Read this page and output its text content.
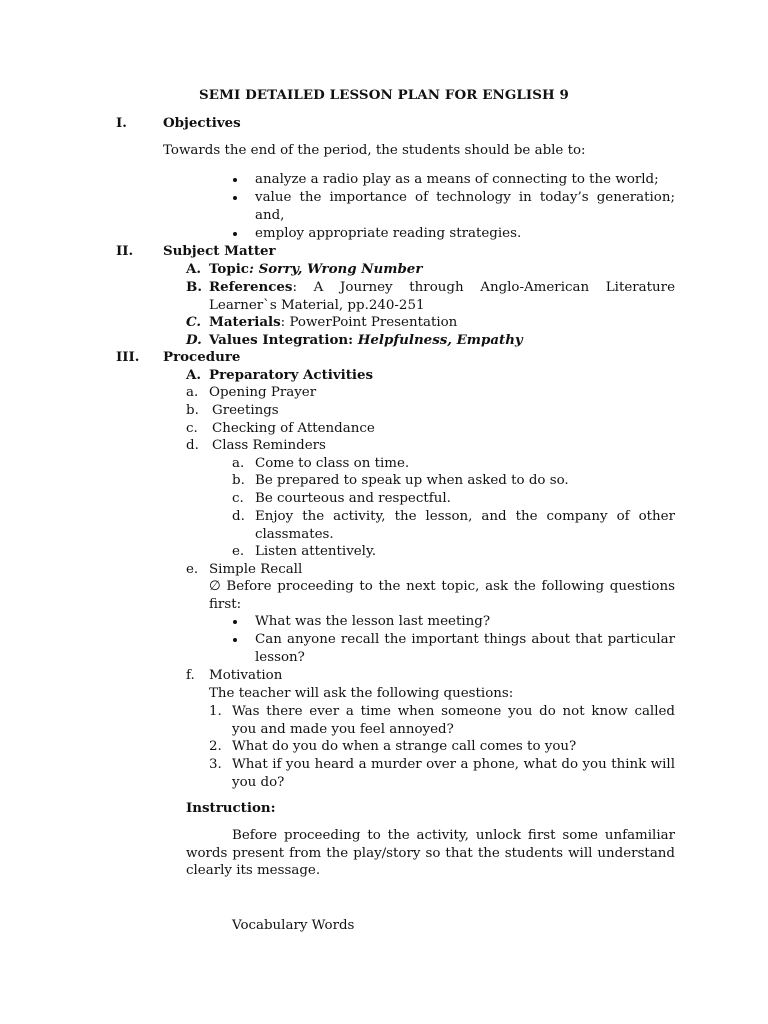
SEMI DETAILED LESSON PLAN FOR ENGLISH 9
I.	Objectives
Towards the end of the period, the students should be able to:
analyze a radio play as a means of connecting to the world;
value the importance of technology in today’s generation; and,
employ appropriate reading strategies.
II. Subject Matter
A. Topic: Sorry, Wrong Number
B. References: A Journey through Anglo-American Literature Learner`s Material, pp.240-251
C. Materials: PowerPoint Presentation
D. Values Integration: Helpfulness, Empathy
III. Procedure
A. Preparatory Activities
a. Opening Prayer
b. Greetings
c. Checking of Attendance
d. Class Reminders
a. Come to class on time.
b. Be prepared to speak up when asked to do so.
c. Be courteous and respectful.
d. Enjoy the activity, the lesson, and the company of other classmates.
e. Listen attentively.
e. Simple Recall
∅ Before proceeding to the next topic, ask the following questions first:
What was the lesson last meeting?
Can anyone recall the important things about that particular lesson?
f. Motivation
The teacher will ask the following questions:
1. Was there ever a time when someone you do not know called you and made you feel annoyed?
2. What do you do when a strange call comes to you?
3. What if you heard a murder over a phone, what do you think will you do?
Instruction:
Before proceeding to the activity, unlock first some unfamiliar words present from the play/story so that the students will understand clearly its message.
Vocabulary Words
